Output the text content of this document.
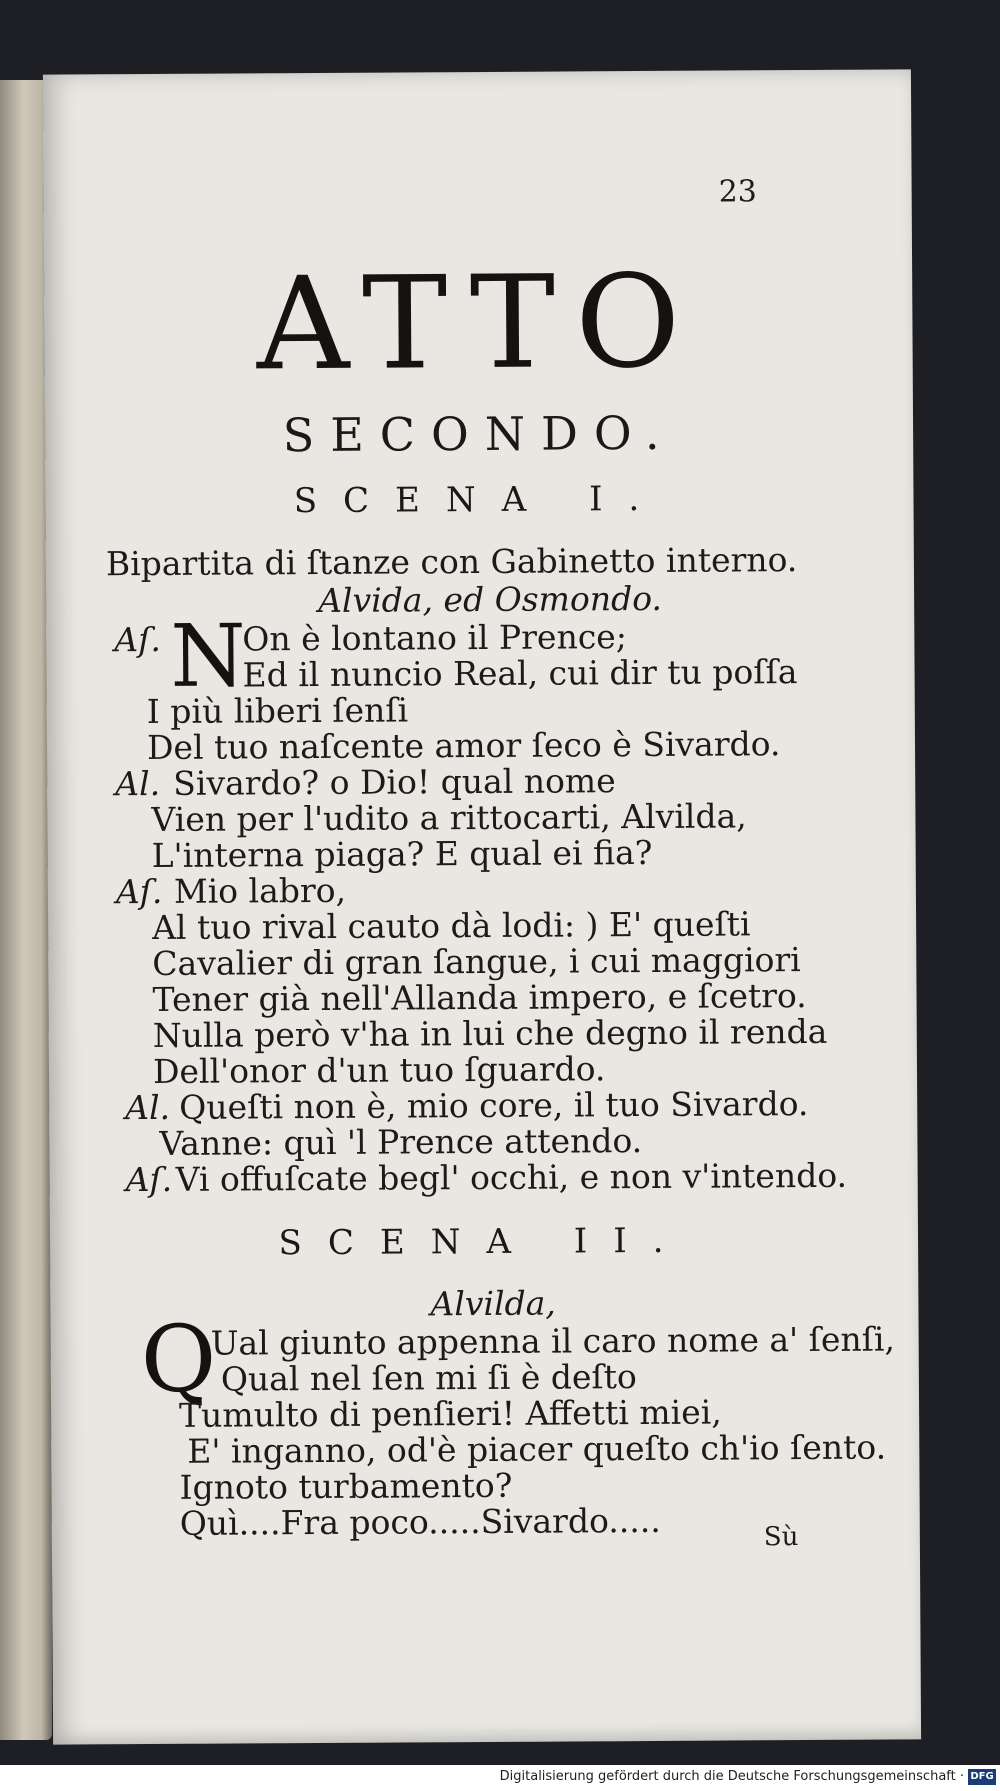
23
ATTO
SECONDO.
SCENA I.
Bipartita di ſtanze con Gabinetto interno.
Alvida, ed Osmondo.
Aſ. N
On è lontano il Prence;
Ed il nuncio Real, cui dir tu poſſa
I più liberi ſenſi
Del tuo naſcente amor ſeco è Sivardo.
Al. Sivardo? o Dio! qual nome
Vien per l'udito a rittocarti, Alvilda,
L'interna piaga? E qual ei fia?
Aſ. Mio labro,
Al tuo rival cauto dà lodi: ) E' queſti
Cavalier di gran ſangue, i cui maggiori
Tener già nell'Allanda impero, e ſcetro.
Nulla però v'ha in lui che degno il renda
Dell'onor d'un tuo ſguardo.
Al. Queſti non è, mio core, il tuo Sivardo.
Vanne: quì 'l Prence attendo.
Aſ. Vi offuſcate begl' occhi, e non v'intendo.
SCENA II.
Alvilda,
Q
Ual giunto appenna il caro nome a' ſenſi,
Qual nel ſen mi ſi è deſto
Tumulto di penſieri! Affetti miei,
E' inganno, od'è piacer queſto ch'io ſento.
Ignoto turbamento?
Quì....Fra poco.....Sivardo.....	Sù
Digitalisierung gefördert durch die Deutsche Forschungsgemeinschaft · DFG
